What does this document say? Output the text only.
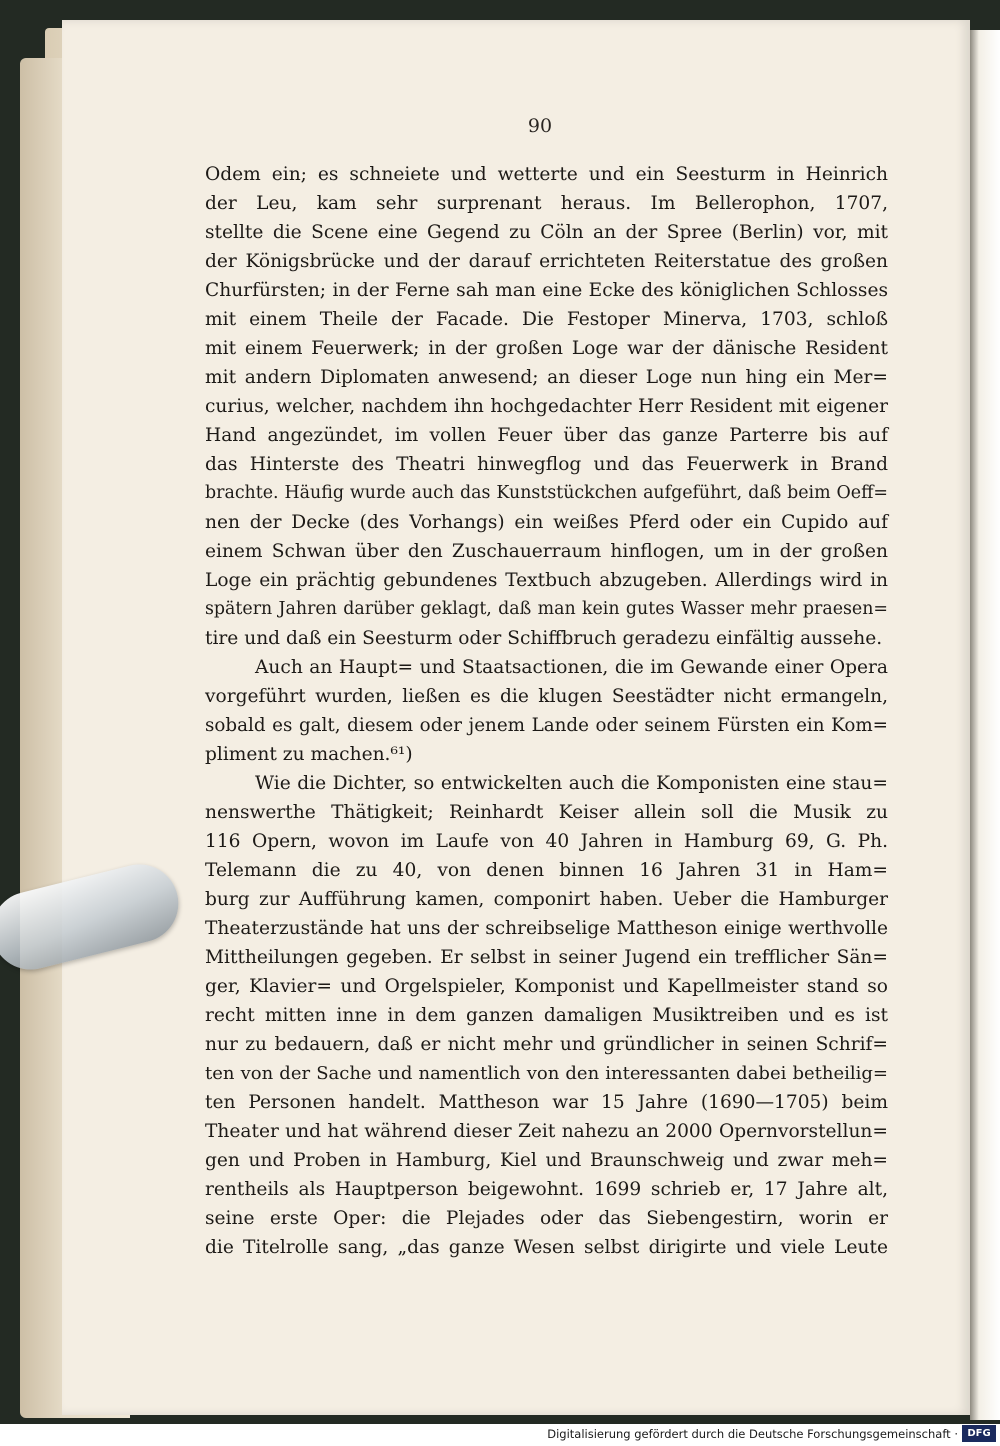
90
Odem ein; es schneiete und wetterte und ein Seesturm in Heinrich
der Leu, kam sehr surprenant heraus. Im Bellerophon, 1707,
stellte die Scene eine Gegend zu Cöln an der Spree (Berlin) vor, mit
der Königsbrücke und der darauf errichteten Reiterstatue des großen
Churfürsten; in der Ferne sah man eine Ecke des königlichen Schlosses
mit einem Theile der Facade. Die Festoper Minerva, 1703, schloß
mit einem Feuerwerk; in der großen Loge war der dänische Resident
mit andern Diplomaten anwesend; an dieser Loge nun hing ein Mer=
curius, welcher, nachdem ihn hochgedachter Herr Resident mit eigener
Hand angezündet, im vollen Feuer über das ganze Parterre bis auf
das Hinterste des Theatri hinwegflog und das Feuerwerk in Brand
brachte. Häufig wurde auch das Kunststückchen aufgeführt, daß beim Oeff=
nen der Decke (des Vorhangs) ein weißes Pferd oder ein Cupido auf
einem Schwan über den Zuschauerraum hinflogen, um in der großen
Loge ein prächtig gebundenes Textbuch abzugeben. Allerdings wird in
spätern Jahren darüber geklagt, daß man kein gutes Wasser mehr praesen=
tire und daß ein Seesturm oder Schiffbruch geradezu einfältig aussehe.
Auch an Haupt= und Staatsactionen, die im Gewande einer Opera
vorgeführt wurden, ließen es die klugen Seestädter nicht ermangeln,
sobald es galt, diesem oder jenem Lande oder seinem Fürsten ein Kom=
pliment zu machen.⁶¹)
Wie die Dichter, so entwickelten auch die Komponisten eine stau=
nenswerthe Thätigkeit; Reinhardt Keiser allein soll die Musik zu
116 Opern, wovon im Laufe von 40 Jahren in Hamburg 69, G. Ph.
Telemann die zu 40, von denen binnen 16 Jahren 31 in Ham=
burg zur Aufführung kamen, componirt haben. Ueber die Hamburger
Theaterzustände hat uns der schreibselige Mattheson einige werthvolle
Mittheilungen gegeben. Er selbst in seiner Jugend ein trefflicher Sän=
ger, Klavier= und Orgelspieler, Komponist und Kapellmeister stand so
recht mitten inne in dem ganzen damaligen Musiktreiben und es ist
nur zu bedauern, daß er nicht mehr und gründlicher in seinen Schrif=
ten von der Sache und namentlich von den interessanten dabei betheilig=
ten Personen handelt. Mattheson war 15 Jahre (1690—1705) beim
Theater und hat während dieser Zeit nahezu an 2000 Opernvorstellun=
gen und Proben in Hamburg, Kiel und Braunschweig und zwar meh=
rentheils als Hauptperson beigewohnt. 1699 schrieb er, 17 Jahre alt,
seine erste Oper: die Plejades oder das Siebengestirn, worin er
die Titelrolle sang, „das ganze Wesen selbst dirigirte und viele Leute
Digitalisierung gefördert durch die Deutsche Forschungsgemeinschaft · DFG
